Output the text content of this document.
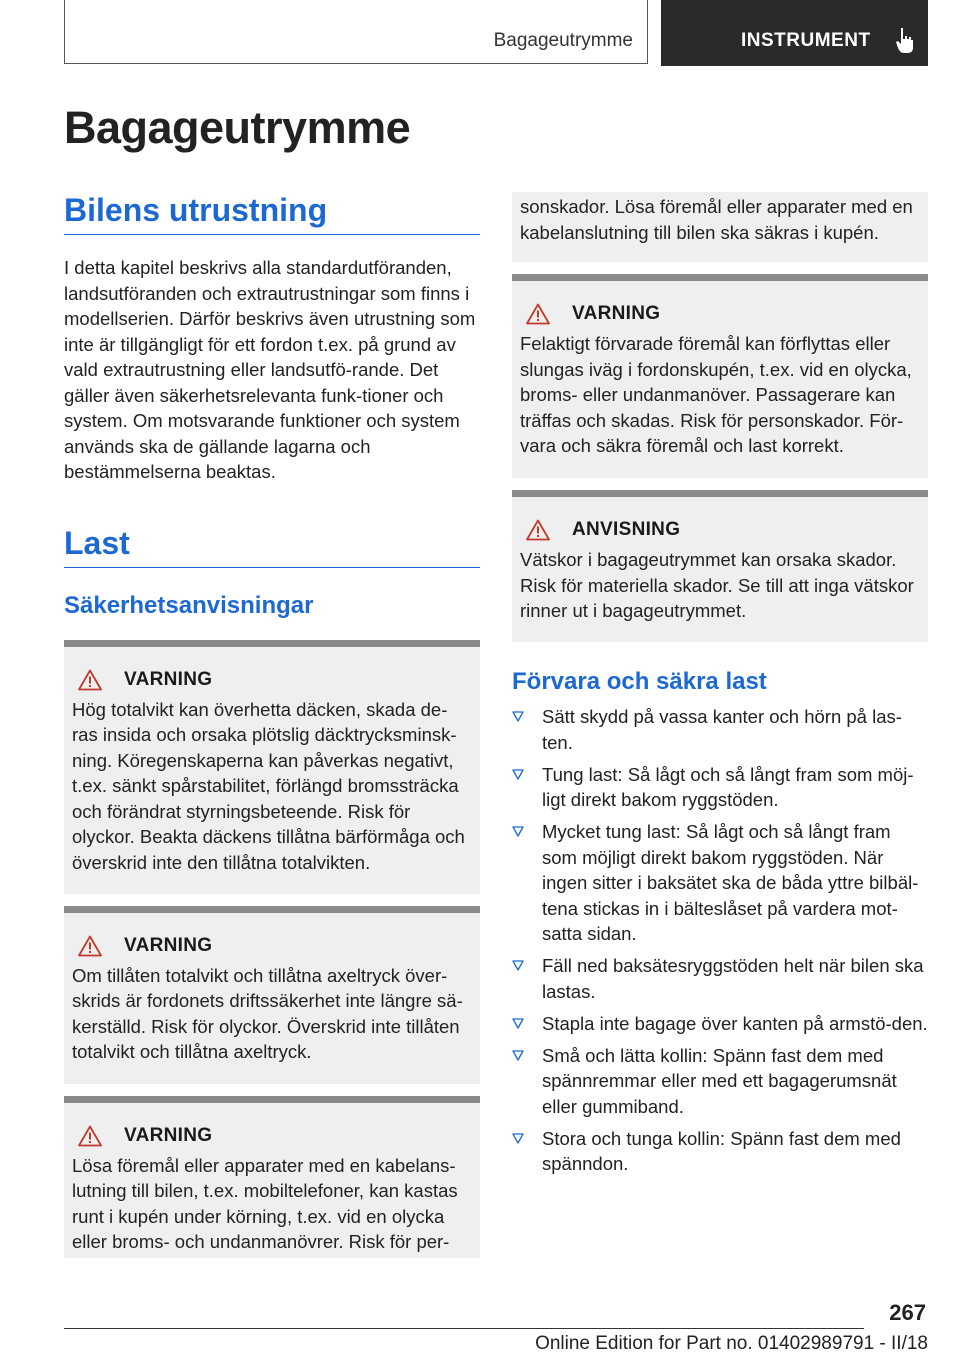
Bagageutrymme	INSTRUMENT
Bagageutrymme
Bilens utrustning

I detta kapitel beskrivs alla standardutföranden, landsutföranden och extrautrustningar som finns i modellserien. Därför beskrivs även utrustning som inte är tillgängligt för ett fordon t.ex. på grund av vald extrautrustning eller landsutfö-rande. Det gäller även säkerhetsrelevanta funk-tioner och system. Om motsvarande funktioner och system används ska de gällande lagarna och bestämmelserna beaktas.

Last
Säkerhetsanvisningar
VARNING

Hög totalvikt kan överhetta däcken, skada de-ras insida och orsaka plötslig däcktrycksminsk-ning. Köregenskaperna kan påverkas negativt, t.ex. sänkt spårstabilitet, förlängd bromssträcka och förändrat styrningsbeteende. Risk för olyckor. Beakta däckens tillåtna bärförmåga och överskrid inte den tillåtna totalvikten.

VARNING

Om tillåten totalvikt och tillåtna axeltryck över-skrids är fordonets driftssäkerhet inte längre sä-kerställd. Risk för olyckor. Överskrid inte tillåten totalvikt och tillåtna axeltryck.

VARNING

Lösa föremål eller apparater med en kabelans-lutning till bilen, t.ex. mobiltelefoner, kan kastas runt i kupén under körning, t.ex. vid en olycka eller broms- och undanmanövrer. Risk för per-

sonskador. Lösa föremål eller apparater med en kabelanslutning till bilen ska säkras i kupén.

VARNING

Felaktigt förvarade föremål kan förflyttas eller slungas iväg i fordonskupén, t.ex. vid en olycka, broms- eller undanmanöver. Passagerare kan träffas och skadas. Risk för personskador. För-vara och säkra föremål och last korrekt.

ANVISNING

Vätskor i bagageutrymmet kan orsaka skador. Risk för materiella skador. Se till att inga vätskor rinner ut i bagageutrymmet.

Förvara och säkra last
Sätt skydd på vassa kanter och hörn på las-ten.
Tung last: Så lågt och så långt fram som möj-ligt direkt bakom ryggstöden.
Mycket tung last: Så lågt och så långt fram som möjligt direkt bakom ryggstöden. När ingen sitter i baksätet ska de båda yttre bilbäl-tena stickas in i bälteslåset på vardera mot-satta sidan.
Fäll ned baksätesryggstöden helt när bilen ska lastas.
Stapla inte bagage över kanten på armstö-den.
Små och lätta kollin: Spänn fast dem med spännremmar eller med ett bagagerumsnät eller gummiband.
Stora och tunga kollin: Spänn fast dem med spänndon.
267
Online Edition for Part no. 01402989791 - II/18
